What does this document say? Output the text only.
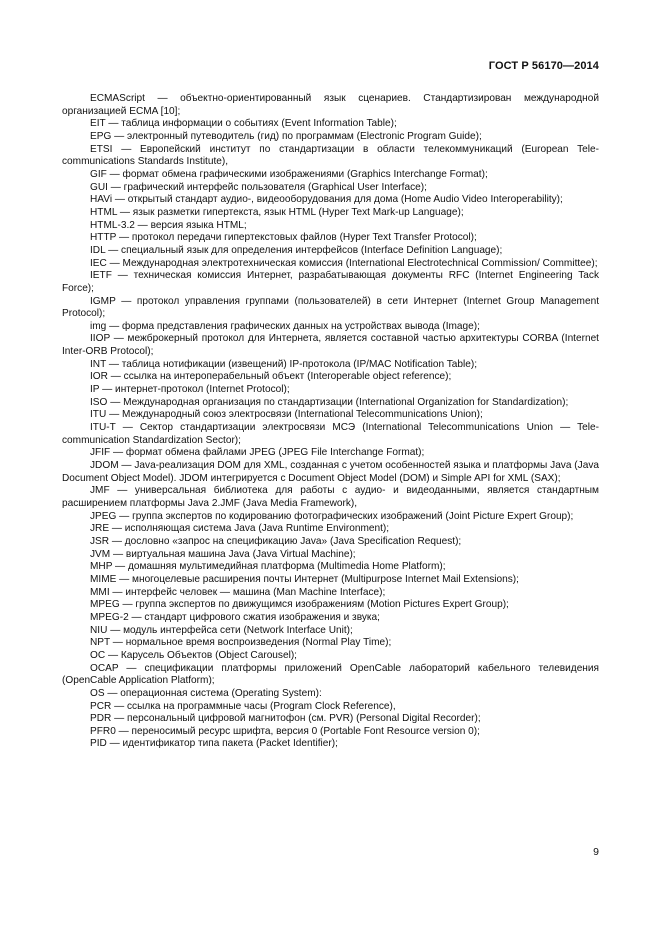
ГОСТ Р 56170—2014

ECMAScript — объектно-ориентированный язык сценариев. Стандартизирован международной организацией ECMA [10];

EIT — таблица информации о событиях (Event Information Table);

EPG — электронный путеводитель (гид) по программам (Electronic Program Guide);

ETSI — Европейский институт по стандартизации в области телекоммуникаций (European Telecommunications Standards Institute),

GIF — формат обмена графическими изображениями (Graphics Interchange Format);

GUI — графический интерфейс пользователя (Graphical User Interface);

HAVi — открытый стандарт аудио-, видеооборудования для дома (Home Audio Video Interoperability);

HTML — язык разметки гипертекста, язык HTML (Hyper Text Mark-up Language);

HTML-3.2 — версия языка HTML;

HTTP — протокол передачи гипертекстовых файлов (Hyper Text Transfer Protocol);

IDL — специальный язык для определения интерфейсов (Interface Definition Language);

IEC — Международная электротехническая комиссия (International Electrotechnical Commission/ Committee);

IETF — техническая комиссия Интернет, разрабатывающая документы RFC (Internet Engineering Tack Force);

IGMP — протокол управления группами (пользователей) в сети Интернет (Internet Group Management Protocol);

img — форма представления графических данных на устройствах вывода (Image);

IIOP — межброкерный протокол для Интернета, является составной частью архитектуры CORBA (Internet Inter-ORB Protocol);

INT — таблица нотификации (извещений) IP-протокола (IP/MAC Notification Table);

IOR — ссылка на интероперабельный объект (Interoperable object reference);

IP — интернет-протокол (Internet Protocol);

ISO — Международная организация по стандартизации (International Organization for Standardization);

ITU — Международный союз электросвязи (International Telecommunications Union);

ITU-T — Сектор стандартизации электросвязи МСЭ (International Telecommunications Union — Telecommunication Standardization Sector);

JFIF — формат обмена файлами JPEG (JPEG File Interchange Format);

JDOM — Java-реализация DOM для XML, созданная с учетом особенностей языка и платформы Java (Java Document Object Model). JDOM интегрируется с Document Object Model (DOM) и Simple API for XML (SAX);

JMF — универсальная библиотека для работы с аудио- и видеоданными, является стандартным расширением платформы Java 2.JMF (Java Media Framework),

JPEG — группа экспертов по кодированию фотографических изображений (Joint Picture Expert Group);

JRE — исполняющая система Java (Java Runtime Environment);

JSR — дословно «запрос на спецификацию Java» (Java Specification Request);

JVM — виртуальная машина Java (Java Virtual Machine);

MHP — домашняя мультимедийная платформа (Multimedia Home Platform);

MIME — многоцелевые расширения почты Интернет (Multipurpose Internet Mail Extensions);

MMI — интерфейс человек — машина (Man Machine Interface);

MPEG — группа экспертов по движущимся изображениям (Motion Pictures Expert Group);

MPEG-2 — стандарт цифрового сжатия изображения и звука;

NIU — модуль интерфейса сети (Network Interface Unit);

NPT — нормальное время воспроизведения (Normal Play Time);

OC — Карусель Объектов (Object Carousel);

OCAP — спецификации платформы приложений OpenCable лабораторий кабельного телевидения (OpenCable Application Platform);

OS — операционная система (Operating System):

PCR — ссылка на программные часы (Program Clock Reference),

PDR — персональный цифровой магнитофон (см. PVR) (Personal Digital Recorder);

PFR0 — переносимый ресурс шрифта, версия 0 (Portable Font Resource version 0);

PID — идентификатор типа пакета (Packet Identifier);

9
